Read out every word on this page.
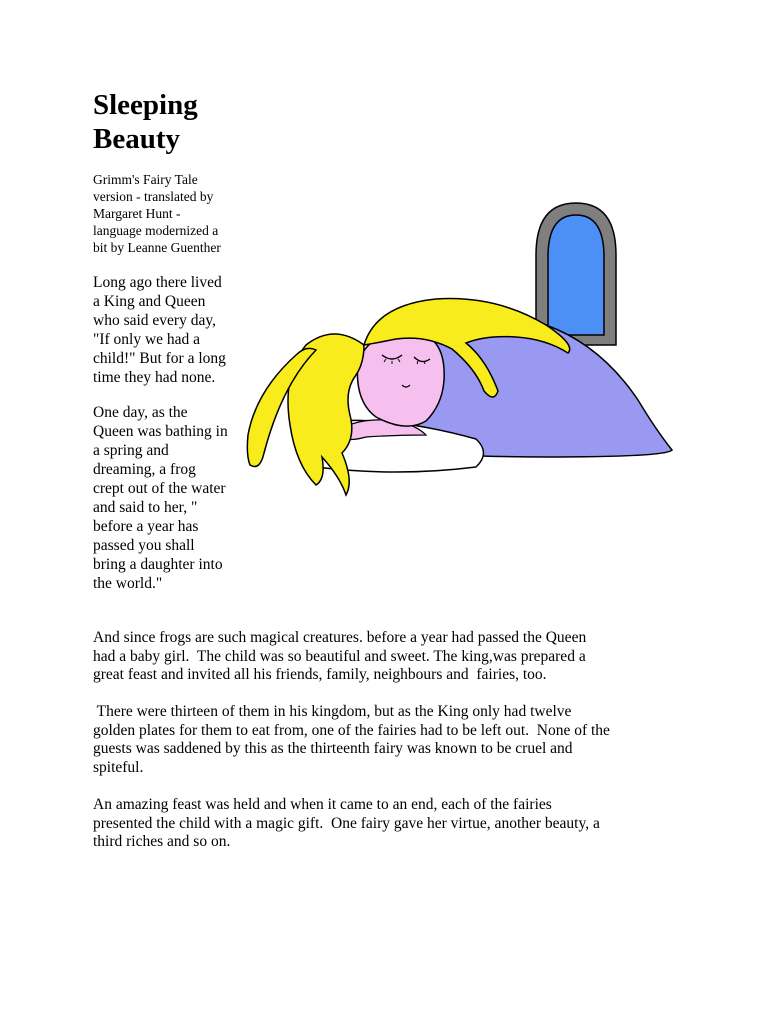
Sleeping
Beauty
Grimm's Fairy Tale
version - translated by
Margaret Hunt -
language modernized a
bit by Leanne Guenther
Long ago there lived
a King and Queen
who said every day,
"If only we had a
child!" But for a long
time they had none.
One day, as the
Queen was bathing in
a spring and
dreaming, a frog
crept out of the water
and said to her, "
before a year has
passed you shall
bring a daughter into
the world."
And since frogs are such magical creatures. before a year had passed the Queen
had a baby girl.  The child was so beautiful and sweet. The king,was prepared a
great feast and invited all his friends, family, neighbours and  fairies, too.
There were thirteen of them in his kingdom, but as the King only had twelve
golden plates for them to eat from, one of the fairies had to be left out.  None of the
guests was saddened by this as the thirteenth fairy was known to be cruel and
spiteful.
An amazing feast was held and when it came to an end, each of the fairies
presented the child with a magic gift.  One fairy gave her virtue, another beauty, a
third riches and so on.
